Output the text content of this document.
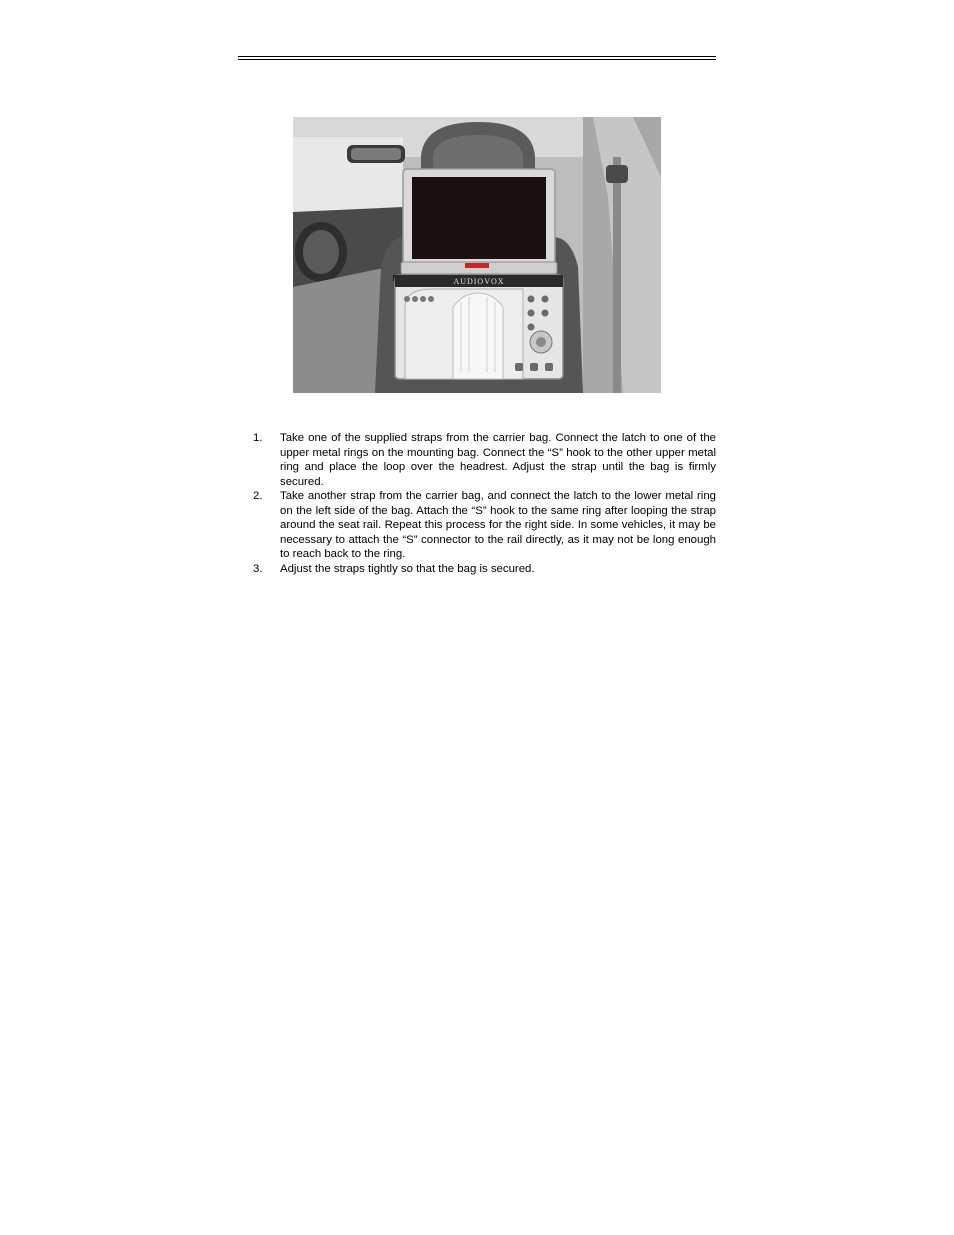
AUDIOVOX
1. Take one of the supplied straps from the carrier bag. Connect the latch to one of the upper metal rings on the mounting bag. Connect the “S” hook to the other upper metal ring and place the loop over the headrest. Adjust the strap until the bag is firmly secured.
2. Take another strap from the carrier bag, and connect the latch to the lower metal ring on the left side of the bag. Attach the “S” hook to the same ring after looping the strap around the seat rail. Repeat this process for the right side. In some vehicles, it may be necessary to attach the “S” connector to the rail directly, as it may not be long enough to reach back to the ring.
3. Adjust the straps tightly so that the bag is secured.
